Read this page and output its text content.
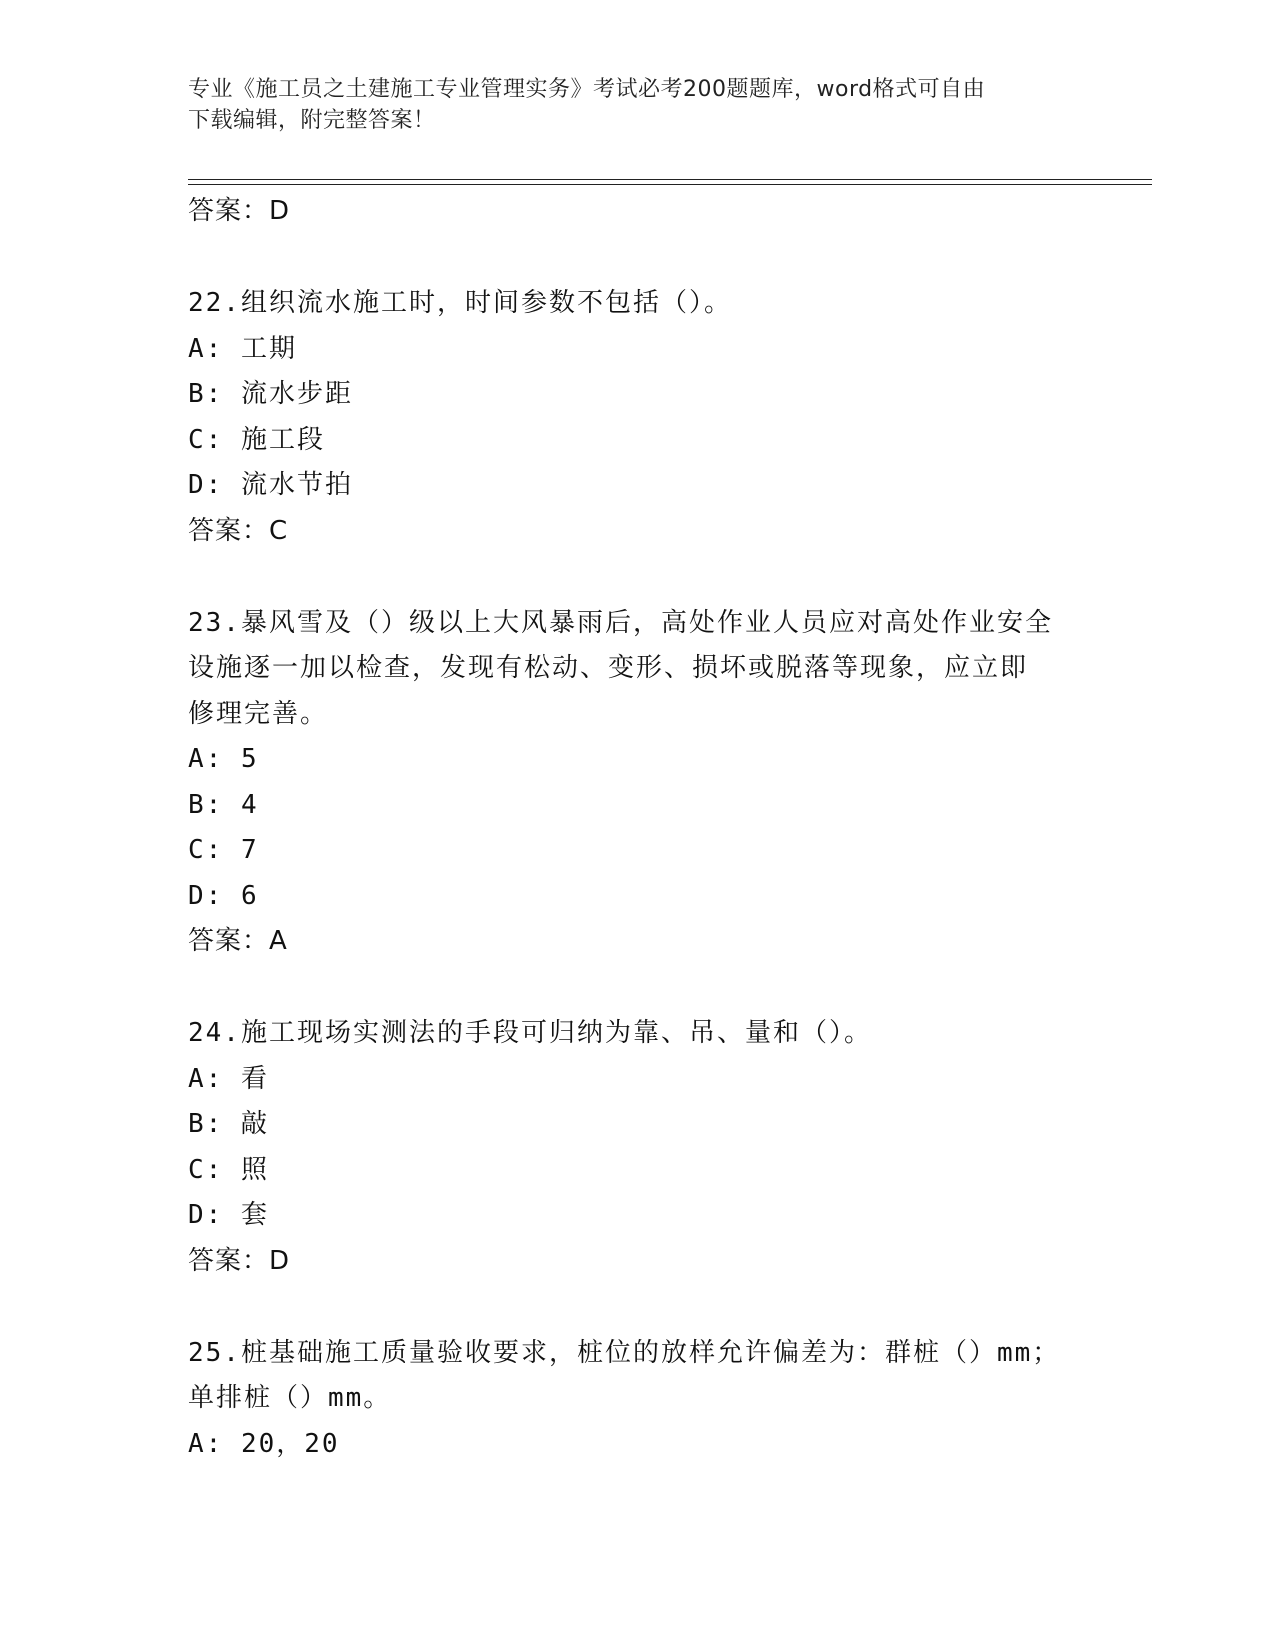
专业《施工员之土建施工专业管理实务》考试必考200题题库，word格式可自由
下载编辑，附完整答案！
答案：D
22.组织流水施工时，时间参数不包括（）。
A: 工期
B: 流水步距
C: 施工段
D: 流水节拍
答案：C
23.暴风雪及（）级以上大风暴雨后，高处作业人员应对高处作业安全
设施逐一加以检查，发现有松动、变形、损坏或脱落等现象，应立即
修理完善。
A: 5
B: 4
C: 7
D: 6
答案：A
24.施工现场实测法的手段可归纳为靠、吊、量和（）。
A: 看
B: 敲
C: 照
D: 套
答案：D
25.桩基础施工质量验收要求，桩位的放样允许偏差为：群桩（）mm；
单排桩（）mm。
A: 20，20
